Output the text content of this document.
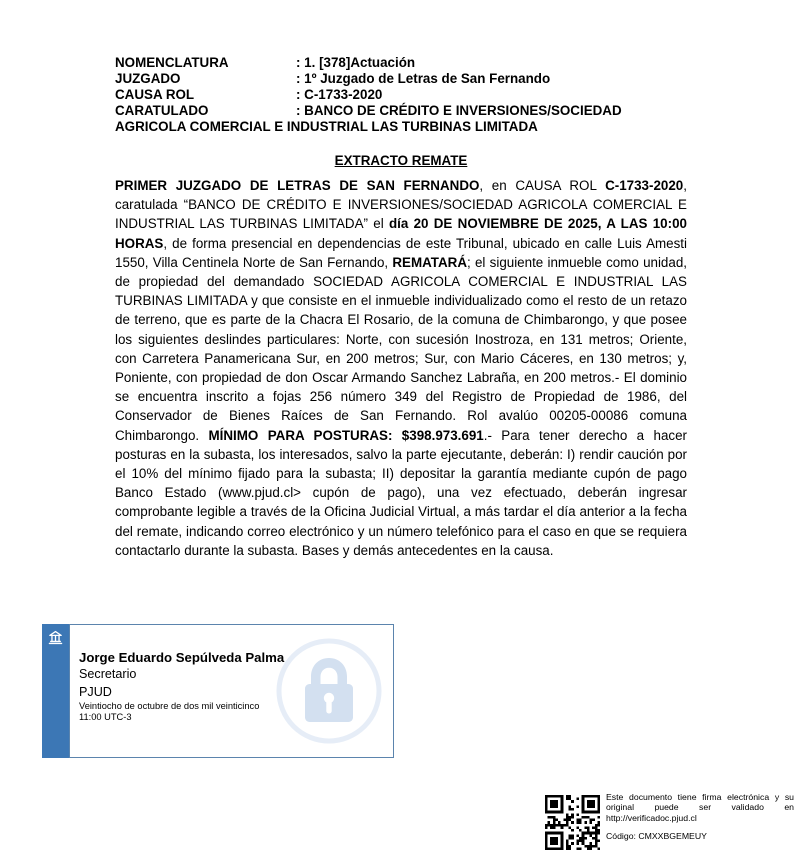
NOMENCLATURA	: 1. [378]Actuación
JUZGADO	: 1º Juzgado de Letras de San Fernando
CAUSA ROL	: C-1733-2020
CARATULADO	: BANCO DE CRÉDITO E INVERSIONES/SOCIEDAD
AGRICOLA COMERCIAL E INDUSTRIAL LAS TURBINAS LIMITADA
EXTRACTO REMATE
PRIMER JUZGADO DE LETRAS DE SAN FERNANDO, en CAUSA ROL C-1733-2020, caratulada “BANCO DE CRÉDITO E INVERSIONES/SOCIEDAD AGRICOLA COMERCIAL E INDUSTRIAL LAS TURBINAS LIMITADA” el día 20 DE NOVIEMBRE DE 2025, A LAS 10:00 HORAS, de forma presencial en dependencias de este Tribunal, ubicado en calle Luis Amesti 1550, Villa Centinela Norte de San Fernando, REMATARÁ; el siguiente inmueble como unidad, de propiedad del demandado SOCIEDAD AGRICOLA COMERCIAL E INDUSTRIAL LAS TURBINAS LIMITADA y que consiste en el inmueble individualizado como el resto de un retazo de terreno, que es parte de la Chacra El Rosario, de la comuna de Chimbarongo, y que posee los siguientes deslindes particulares: Norte, con sucesión Inostroza, en 131 metros; Oriente, con Carretera Panamericana Sur, en 200 metros; Sur, con Mario Cáceres, en 130 metros; y, Poniente, con propiedad de don Oscar Armando Sanchez Labraña, en 200 metros.- El dominio se encuentra inscrito a fojas 256 número 349 del Registro de Propiedad de 1986, del Conservador de Bienes Raíces de San Fernando. Rol avalúo 00205-00086 comuna Chimbarongo. MÍNIMO PARA POSTURAS: $398.973.691.- Para tener derecho a hacer posturas en la subasta, los interesados, salvo la parte ejecutante, deberán: I) rendir caución por el 10% del mínimo fijado para la subasta; II) depositar la garantía mediante cupón de pago Banco Estado (www.pjud.cl> cupón de pago), una vez efectuado, deberán ingresar comprobante legible a través de la Oficina Judicial Virtual, a más tardar el día anterior a la fecha del remate, indicando correo electrónico y un número telefónico para el caso en que se requiera contactarlo durante la subasta. Bases y demás antecedentes en la causa.
Jorge Eduardo Sepúlveda Palma
Secretario
PJUD
Veintiocho de octubre de dos mil veinticinco
11:00 UTC-3
Este documento tiene firma electrónica y su original puede ser validado en http://verificadoc.pjud.cl
Código: CMXXBGEMEUY
